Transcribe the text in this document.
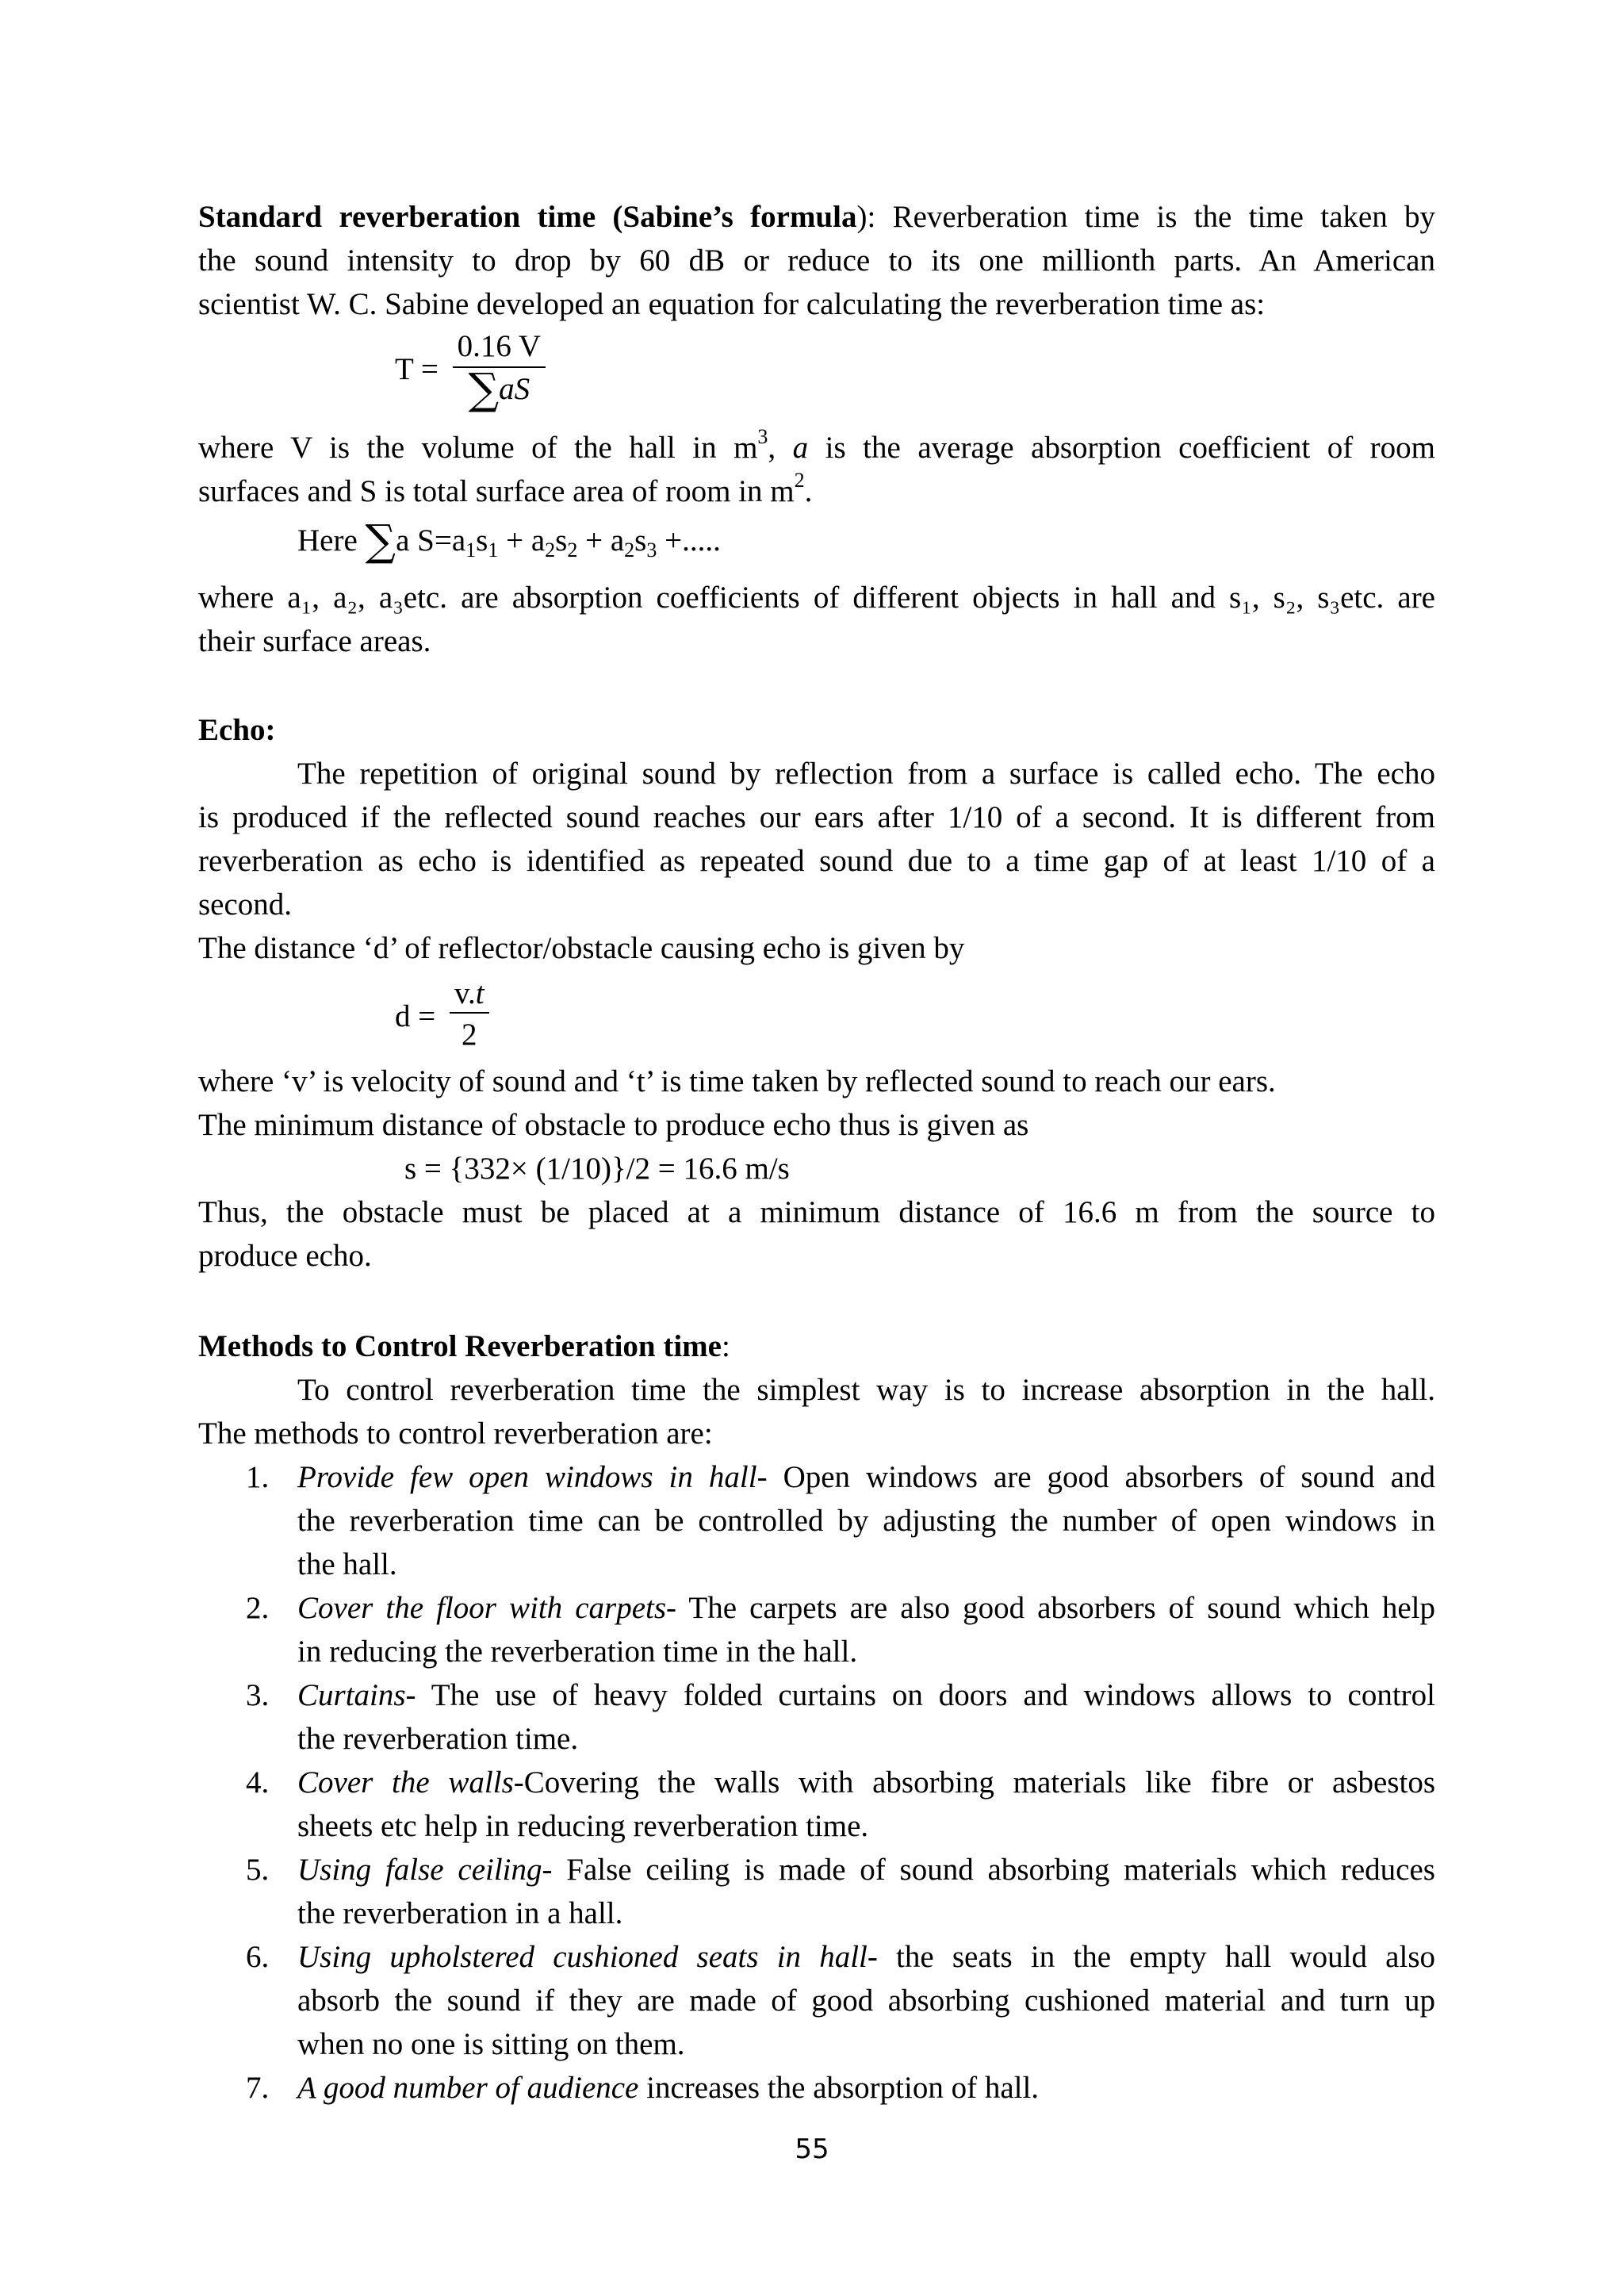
Standard reverberation time (Sabine’s formula): Reverberation time is the time taken by
the sound intensity to drop by 60 dB or reduce to its one millionth parts. An American
scientist W. C. Sabine developed an equation for calculating the reverberation time as:
$T = \frac{0.16 V}{\sum aS}$
where V is the volume of the hall in $m^3$, a is the average absorption coefficient of room
surfaces and S is total surface area of room in $m^2$.
Here ∑a $S=a_1s_1 + a_2s_2 + a_2s_3$ +.....
where a₁, a₂, a₃etc. are absorption coefficients of different objects in hall and s₁, s₂, s₃etc. are
their surface areas.
Echo:
The repetition of original sound by reflection from a surface is called echo. The echo
is produced if the reflected sound reaches our ears after 1/10 of a second. It is different from
reverberation as echo is identified as repeated sound due to a time gap of at least 1/10 of a
second.
The distance ‘d’ of reflector/obstacle causing echo is given by
$d = \frac{v.t}{2}$
where ‘v’ is velocity of sound and ‘t’ is time taken by reflected sound to reach our ears.
The minimum distance of obstacle to produce echo thus is given as
s = {332× (1/10)}/2 = 16.6 m/s
Thus, the obstacle must be placed at a minimum distance of 16.6 m from the source to
produce echo.
Methods to Control Reverberation time:
To control reverberation time the simplest way is to increase absorption in the hall.
The methods to control reverberation are:
1. Provide few open windows in hall- Open windows are good absorbers of sound and
the reverberation time can be controlled by adjusting the number of open windows in
the hall.
2. Cover the floor with carpets- The carpets are also good absorbers of sound which help
in reducing the reverberation time in the hall.
3. Curtains- The use of heavy folded curtains on doors and windows allows to control
the reverberation time.
4. Cover the walls-Covering the walls with absorbing materials like fibre or asbestos
sheets etc help in reducing reverberation time.
5. Using false ceiling- False ceiling is made of sound absorbing materials which reduces
the reverberation in a hall.
6. Using upholstered cushioned seats in hall- the seats in the empty hall would also
absorb the sound if they are made of good absorbing cushioned material and turn up
when no one is sitting on them.
7. A good number of audience increases the absorption of hall.
55
